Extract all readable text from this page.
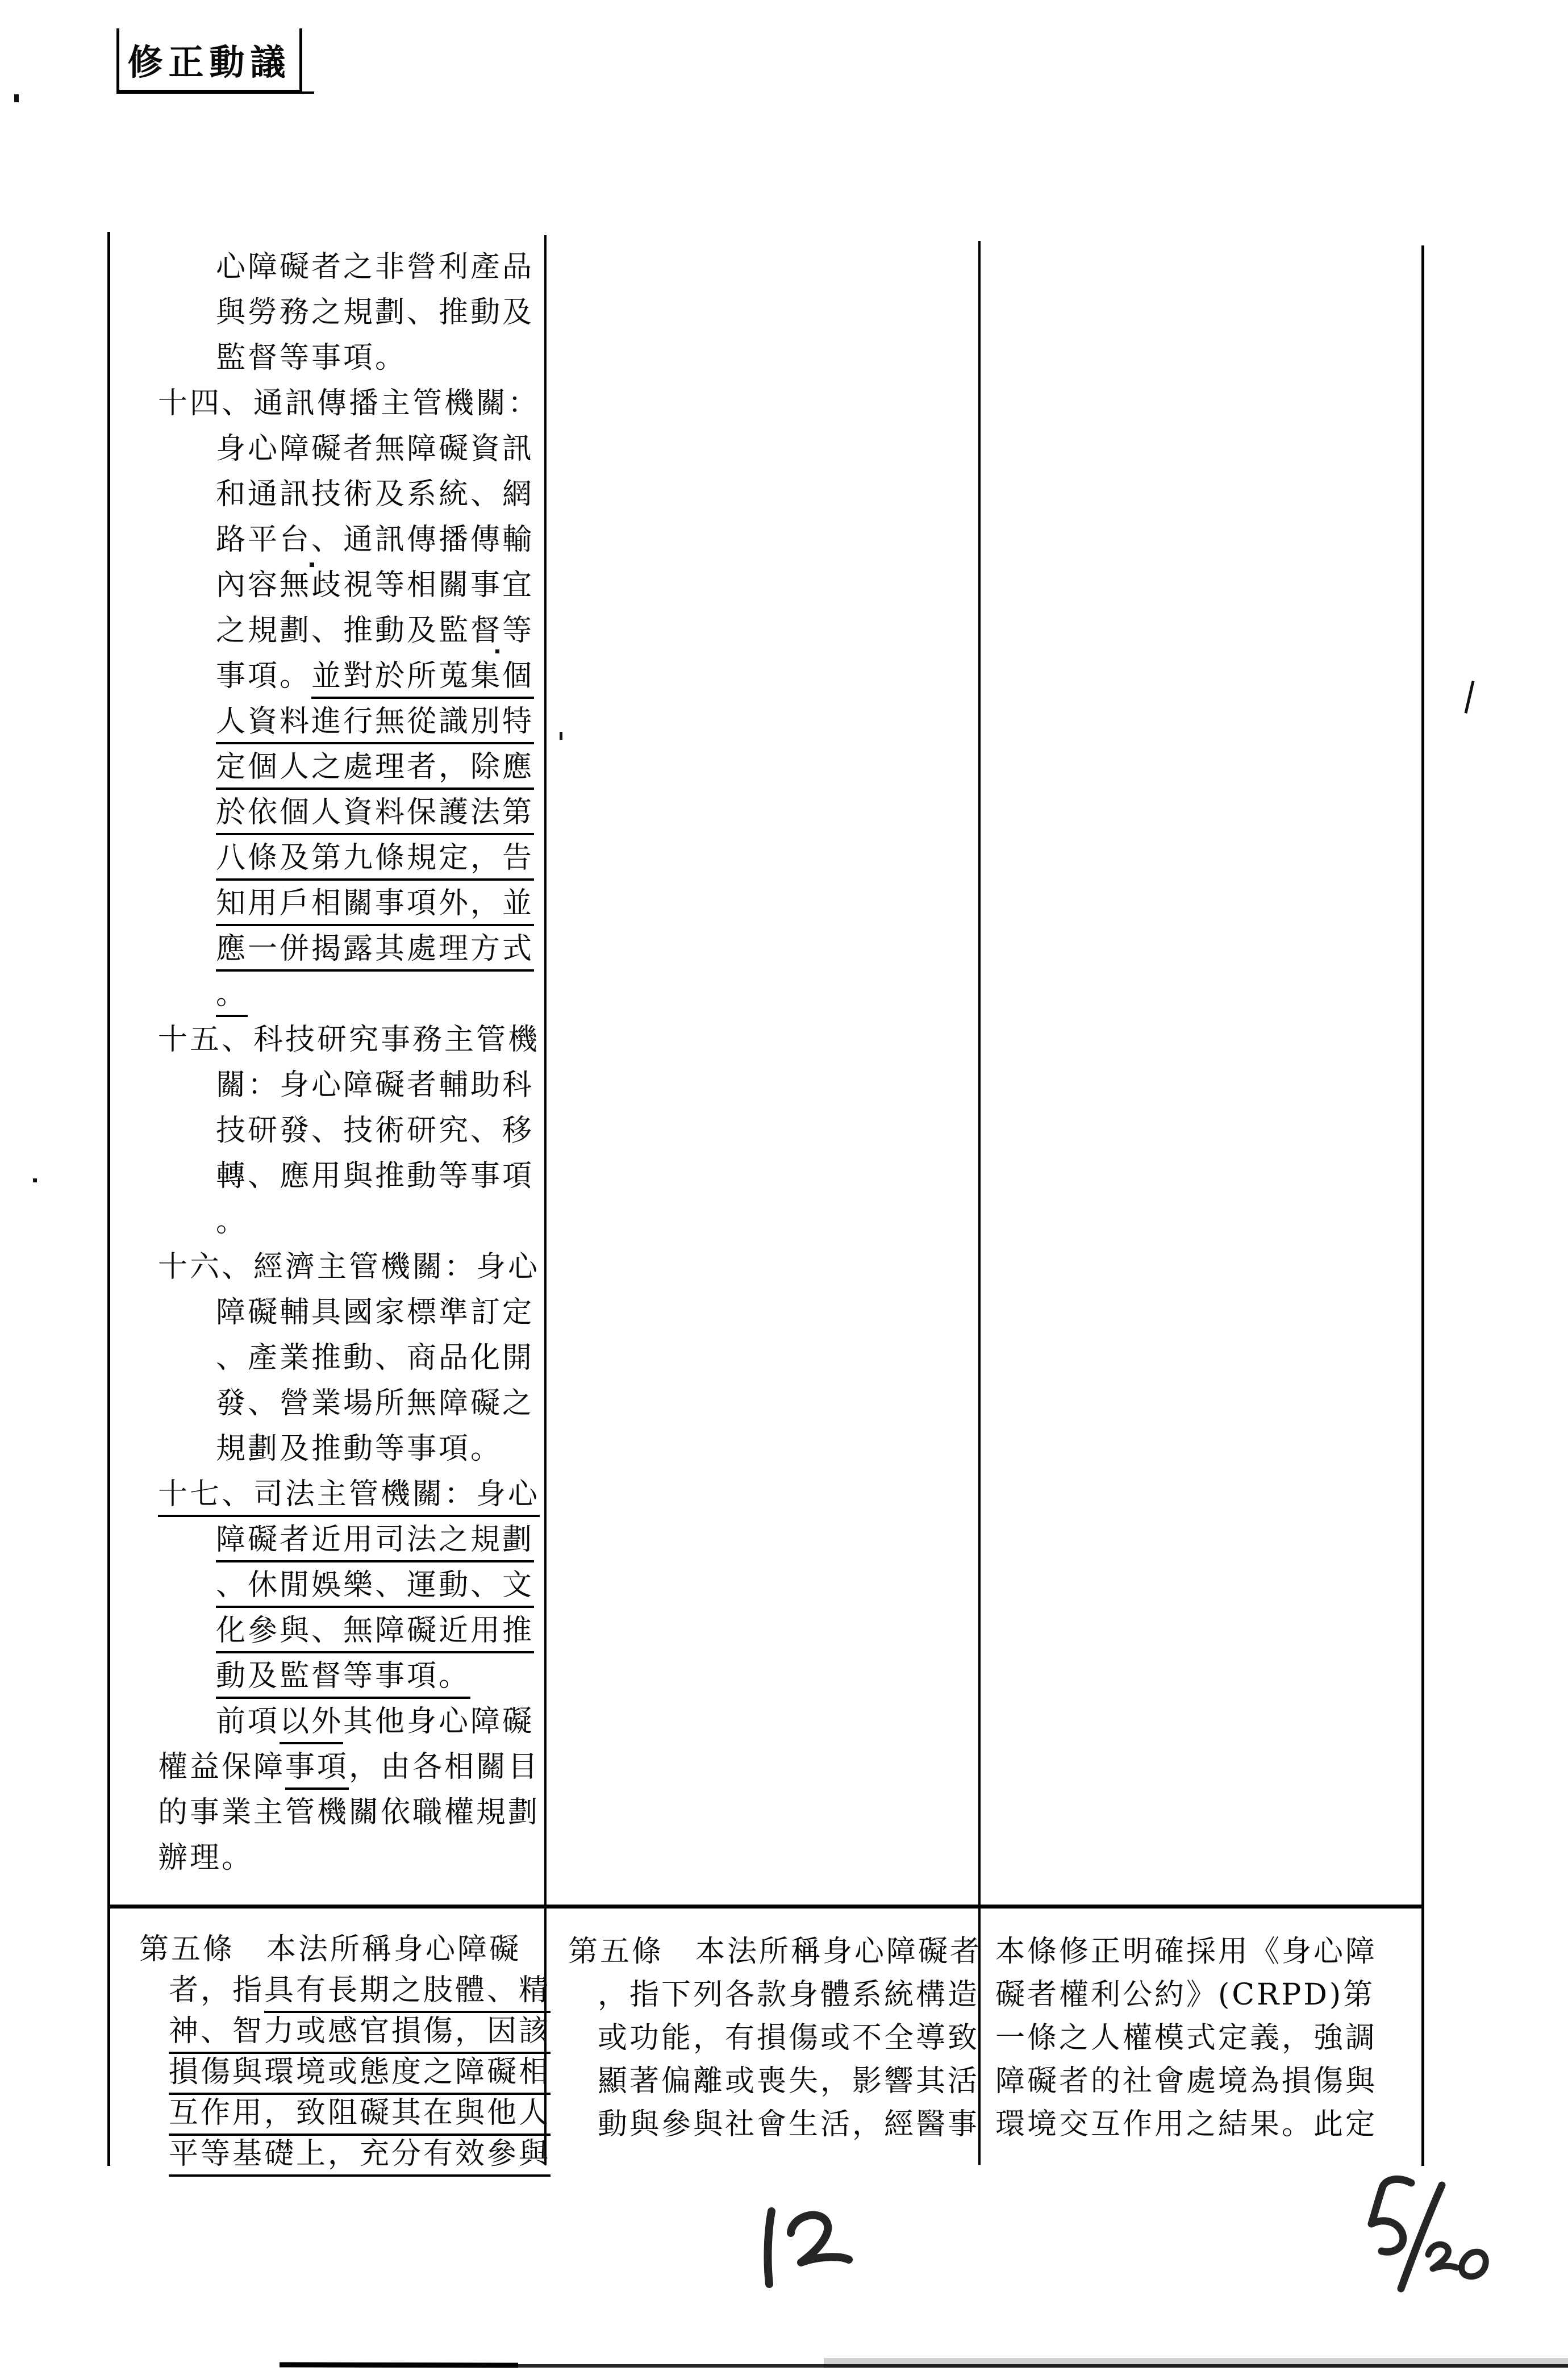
修正動議
心障礙者之非營利產品
與勞務之規劃、推動及
監督等事項。
十四、通訊傳播主管機關：
身心障礙者無障礙資訊
和通訊技術及系統、網
路平台、通訊傳播傳輸
內容無歧視等相關事宜
之規劃、推動及監督等
事項。並對於所蒐集個
人資料進行無從識別特
定個人之處理者，除應
於依個人資料保護法第
八條及第九條規定，告
知用戶相關事項外，並
應一併揭露其處理方式
。
十五、科技研究事務主管機
關：身心障礙者輔助科
技研發、技術研究、移
轉、應用與推動等事項
。
十六、經濟主管機關：身心
障礙輔具國家標準訂定
、產業推動、商品化開
發、營業場所無障礙之
規劃及推動等事項。
十七、司法主管機關：身心
障礙者近用司法之規劃
、休閒娛樂、運動、文
化參與、無障礙近用推
動及監督等事項。
前項以外其他身心障礙
權益保障事項，由各相關目
的事業主管機關依職權規劃
辦理。
第五條　本法所稱身心障礙
者，指具有長期之肢體、精
神、智力或感官損傷，因該
損傷與環境或態度之障礙相
互作用，致阻礙其在與他人
平等基礎上，充分有效參與
第五條　本法所稱身心障礙者
，指下列各款身體系統構造
或功能，有損傷或不全導致
顯著偏離或喪失，影響其活
動與參與社會生活，經醫事
本條修正明確採用《身心障
礙者權利公約》(CRPD)第
一條之人權模式定義，強調
障礙者的社會處境為損傷與
環境交互作用之結果。此定
